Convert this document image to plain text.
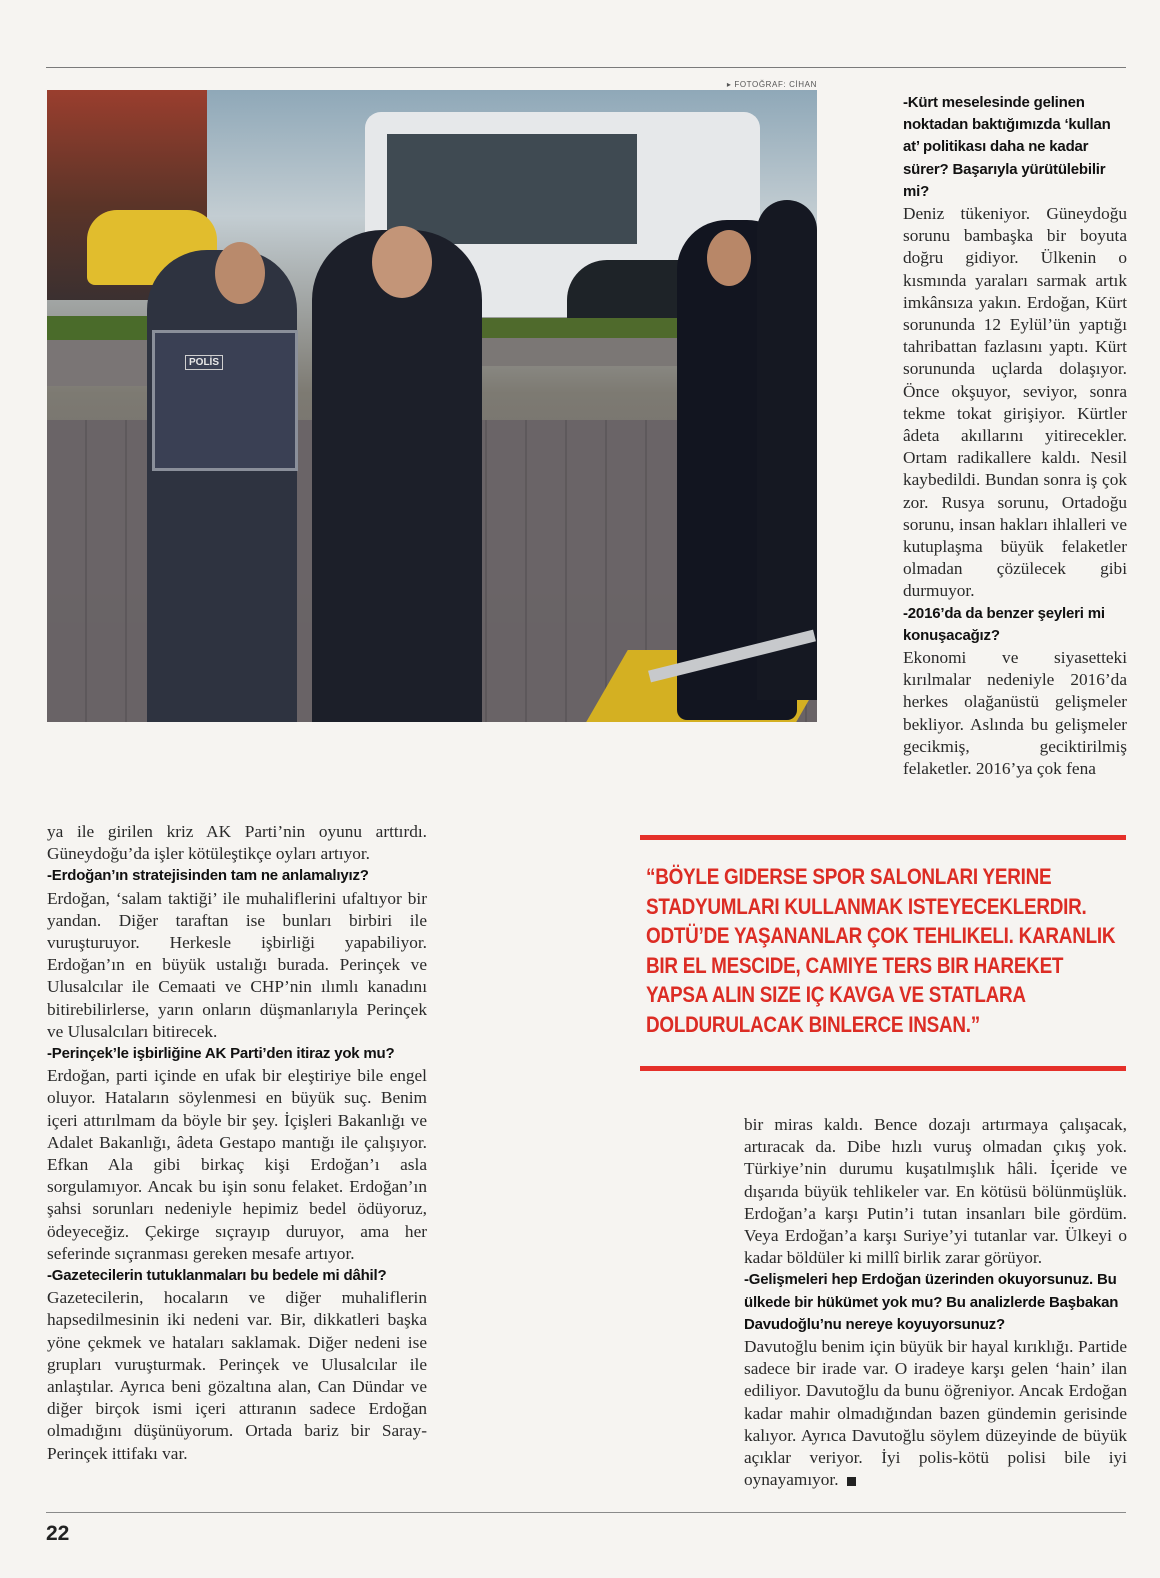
▸ FOTOĞRAF: CİHAN
POLİS

-Kürt meselesinde gelinen noktadan baktığımızda ‘kullan at’ politikası daha ne kadar sürer? Başarıyla yürütülebilir mi?

Deniz tükeniyor. Güneydoğu sorunu bambaşka bir boyuta doğru gidiyor. Ülkenin o kısmında yaraları sarmak artık imkânsıza yakın. Erdoğan, Kürt sorununda 12 Eylül’ün yaptığı tahribattan fazlasını yaptı. Kürt sorununda uçlarda dolaşıyor. Önce okşuyor, seviyor, sonra tekme tokat girişiyor. Kürtler âdeta akıllarını yitirecekler. Ortam radikallere kaldı. Nesil kaybedildi. Bundan sonra iş çok zor. Rusya sorunu, Ortadoğu sorunu, insan hakları ihlalleri ve kutuplaşma büyük felaketler olmadan çözülecek gibi durmuyor.

-2016’da da benzer şeyleri mi konuşacağız?

Ekonomi ve siyasetteki kırılmalar nedeniyle 2016’da herkes olağanüstü gelişmeler bekliyor. Aslında bu gelişmeler gecikmiş, geciktirilmiş felaketler. 2016’ya çok fena

ya ile girilen kriz AK Parti’nin oyunu arttırdı. Güneydoğu’da işler kötüleştikçe oyları artıyor.

-Erdoğan’ın stratejisinden tam ne anlamalıyız?

Erdoğan, ‘salam taktiği’ ile muhaliflerini ufaltıyor bir yandan. Diğer taraftan ise bunları birbiri ile vuruşturuyor. Herkesle işbirliği yapabiliyor. Erdoğan’ın en büyük ustalığı burada. Perinçek ve Ulusalcılar ile Cemaati ve CHP’nin ılımlı kanadını bitirebilirlerse, yarın onların düşmanlarıyla Perinçek ve Ulusalcıları bitirecek.

-Perinçek’le işbirliğine AK Parti’den itiraz yok mu?

Erdoğan, parti içinde en ufak bir eleştiriye bile engel oluyor. Hataların söylenmesi en büyük suç. Benim içeri attırılmam da böyle bir şey. İçişleri Bakanlığı ve Adalet Bakanlığı, âdeta Gestapo mantığı ile çalışıyor. Efkan Ala gibi birkaç kişi Erdoğan’ı asla sorgulamıyor. Ancak bu işin sonu felaket. Erdoğan’ın şahsi sorunları nedeniyle hepimiz bedel ödüyoruz, ödeyeceğiz. Çekirge sıçrayıp duruyor, ama her seferinde sıçranması gereken mesafe artıyor.

-Gazetecilerin tutuklanmaları bu bedele mi dâhil?

Gazetecilerin, hocaların ve diğer muhaliflerin hapsedilmesinin iki nedeni var. Bir, dikkatleri başka yöne çekmek ve hataları saklamak. Diğer nedeni ise grupları vuruşturmak. Perinçek ve Ulusalcılar ile anlaştılar. Ayrıca beni gözaltına alan, Can Dündar ve diğer birçok ismi içeri attıranın sadece Erdoğan olmadığını düşünüyorum. Ortada bariz bir Saray-Perinçek ittifakı var.

“BÖYLE GIDERSE SPOR SALONLARI YERINE STADYUMLARI KULLANMAK ISTEYECEKLERDIR. ODTÜ’DE YAŞANANLAR ÇOK TEHLIKELI. KARANLIK BIR EL MESCIDE, CAMIYE TERS BIR HAREKET YAPSA ALIN SIZE IÇ KAVGA VE STATLARA DOLDURULACAK BINLERCE INSAN.”

bir miras kaldı. Bence dozajı artırmaya çalışacak, artıracak da. Dibe hızlı vuruş olmadan çıkış yok. Türkiye’nin durumu kuşatılmışlık hâli. İçeride ve dışarıda büyük tehlikeler var. En kötüsü bölünmüşlük. Erdoğan’a karşı Putin’i tutan insanları bile gördüm. Veya Erdoğan’a karşı Suriye’yi tutanlar var. Ülkeyi o kadar böldüler ki millî birlik zarar görüyor.

-Gelişmeleri hep Erdoğan üzerinden okuyorsunuz. Bu ülkede bir hükümet yok mu? Bu analizlerde Başbakan Davudoğlu’nu nereye koyuyorsunuz?

Davutoğlu benim için büyük bir hayal kırıklığı. Partide sadece bir irade var. O iradeye karşı gelen ‘hain’ ilan ediliyor. Davutoğlu da bunu öğreniyor. Ancak Erdoğan kadar mahir olmadığından bazen gündemin gerisinde kalıyor. Ayrıca Davutoğlu söylem düzeyinde de büyük açıklar veriyor. İyi polis-kötü polisi bile iyi oynayamıyor.

22
